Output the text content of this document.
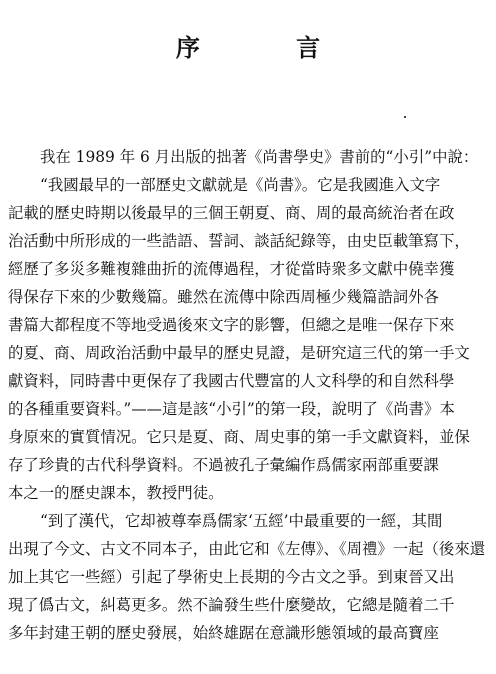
序 言
我在 1989 年 6 月出版的拙著《尚書學史》書前的“小引”中說：
“我國最早的一部歷史文獻就是《尚書》。它是我國進入文字
記載的歷史時期以後最早的三個王朝夏、商、周的最高統治者在政
治活動中所形成的一些誥語、誓詞、談話紀錄等，由史臣載筆寫下，
經歷了多災多難複雜曲折的流傳過程，才從當時衆多文獻中僥幸獲
得保存下來的少數幾篇。雖然在流傳中除西周極少幾篇誥詞外各
書篇大都程度不等地受過後來文字的影響，但總之是唯一保存下來
的夏、商、周政治活動中最早的歷史見證，是研究這三代的第一手文
獻資料，同時書中更保存了我國古代豐富的人文科學的和自然科學
的各種重要資料。”——這是該“小引”的第一段，說明了《尚書》本
身原來的實質情况。它只是夏、商、周史事的第一手文獻資料，並保
存了珍貴的古代科學資料。不過被孔子彙編作爲儒家兩部重要課
本之一的歷史課本，教授門徒。
“到了漢代，它却被尊奉爲儒家‘五經’中最重要的一經，其間
出現了今文、古文不同本子，由此它和《左傳》、《周禮》一起（後來還
加上其它一些經）引起了學術史上長期的今古文之爭。到東晉又出
現了僞古文，糾葛更多。然不論發生些什麼變故，它總是隨着二千
多年封建王朝的歷史發展，始終雄踞在意識形態領域的最高寶座
